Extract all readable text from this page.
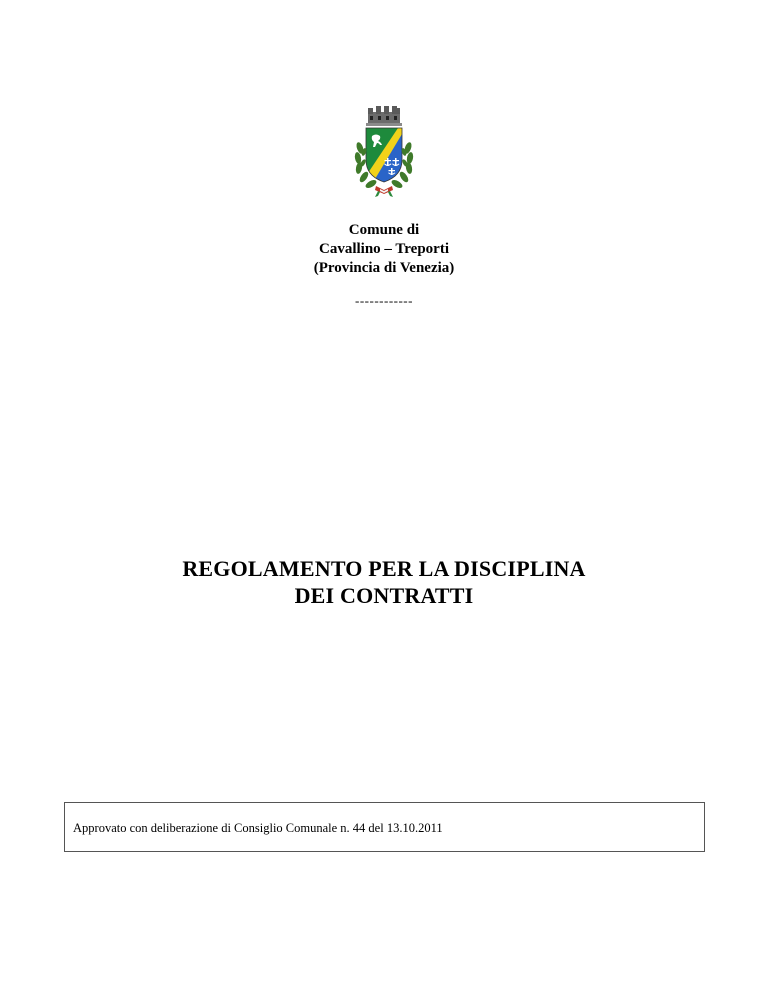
Comune di
Cavallino – Treporti
(Provincia di Venezia)
------------
REGOLAMENTO PER LA DISCIPLINA
DEI CONTRATTI
Approvato con deliberazione di Consiglio Comunale n. 44 del 13.10.2011
